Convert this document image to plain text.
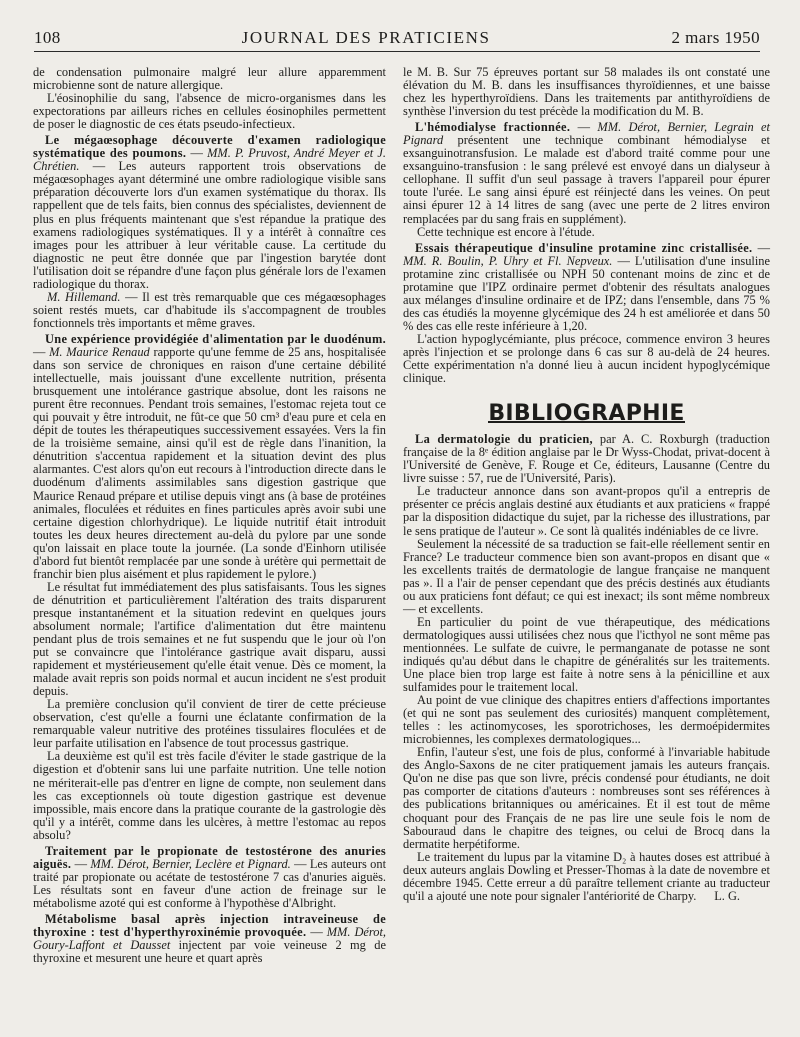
108	JOURNAL DES PRATICIENS	2 mars 1950

de condensation pulmonaire malgré leur allure apparemment microbienne sont de nature allergique.

L'éosinophilie du sang, l'absence de micro-organismes dans les expectorations par ailleurs riches en cellules éosinophiles permettent de poser le diagnostic de ces états pseudo-infectieux.

Le mégaœsophage découverte d'examen radiologique systématique des poumons. — MM. P. Pruvost, André Meyer et J. Chrétien. — Les auteurs rapportent trois observations de mégaœsophages ayant déterminé une ombre radiologique visible sans préparation découverte lors d'un examen systématique du thorax. Ils rappellent que de tels faits, bien connus des spécialistes, deviennent de plus en plus fréquents maintenant que s'est répandue la pratique des examens radiologiques systématiques. Il y a intérêt à connaître ces images pour les attribuer à leur véritable cause. La certitude du diagnostic ne peut être donnée que par l'ingestion barytée dont l'utilisation doit se répandre d'une façon plus générale lors de l'examen radiologique du thorax.

M. Hillemand. — Il est très remarquable que ces mégaœsophages soient restés muets, car d'habitude ils s'accompagnent de troubles fonctionnels très importants et même graves.

Une expérience providégiée d'alimentation par le duodénum. — M. Maurice Renaud rapporte qu'une femme de 25 ans, hospitalisée dans son service de chroniques en raison d'une certaine débilité intellectuelle, mais jouissant d'une excellente nutrition, présenta brusquement une intolérance gastrique absolue, dont les raisons ne purent être reconnues. Pendant trois semaines, l'estomac rejeta tout ce qui pouvait y être introduit, ne fût-ce que 50 cm³ d'eau pure et cela en dépit de toutes les thérapeutiques successivement essayées. Vers la fin de la troisième semaine, ainsi qu'il est de règle dans l'inanition, la dénutrition s'accentua rapidement et la situation devint des plus alarmantes. C'est alors qu'on eut recours à l'introduction directe dans le duodénum d'aliments assimilables sans digestion gastrique que Maurice Renaud prépare et utilise depuis vingt ans (à base de protéines animales, floculées et réduites en fines particules après avoir subi une certaine digestion chlorhydrique). Le liquide nutritif était introduit toutes les deux heures directement au-delà du pylore par une sonde qu'on laissait en place toute la journée. (La sonde d'Einhorn utilisée d'abord fut bientôt remplacée par une sonde à urétère qui permettait de franchir bien plus aisément et plus rapidement le pylore.)

Le résultat fut immédiatement des plus satisfaisants. Tous les signes de dénutrition et particulièrement l'altération des traits disparurent presque instantanément et la situation redevint en quelques jours absolument normale; l'artifice d'alimentation dut être maintenu pendant plus de trois semaines et ne fut suspendu que le jour où l'on put se convaincre que l'intolérance gastrique avait disparu, aussi rapidement et mystérieusement qu'elle était venue. Dès ce moment, la malade avait repris son poids normal et aucun incident ne s'est produit depuis.

La première conclusion qu'il convient de tirer de cette précieuse observation, c'est qu'elle a fourni une éclatante confirmation de la remarquable valeur nutritive des protéines tissulaires floculées et de leur parfaite utilisation en l'absence de tout processus gastrique.

La deuxième est qu'il est très facile d'éviter le stade gastrique de la digestion et d'obtenir sans lui une parfaite nutrition. Une telle notion ne mériterait-elle pas d'entrer en ligne de compte, non seulement dans les cas exceptionnels où toute digestion gastrique est devenue impossible, mais encore dans la pratique courante de la gastrologie dès qu'il y a intérêt, comme dans les ulcères, à mettre l'estomac au repos absolu?

Traitement par le propionate de testostérone des anuries aiguës. — MM. Dérot, Bernier, Leclère et Pignard. — Les auteurs ont traité par propionate ou acétate de testostérone 7 cas d'anuries aiguës. Les résultats sont en faveur d'une action de freinage sur le métabolisme azoté qui est conforme à l'hypothèse d'Albright.

Métabolisme basal après injection intraveineuse de thyroxine : test d'hyperthyroxinémie provoquée. — MM. Dérot, Goury-Laffont et Dausset injectent par voie veineuse 2 mg de thyroxine et mesurent une heure et quart après

le M. B. Sur 75 épreuves portant sur 58 malades ils ont constaté une élévation du M. B. dans les insuffisances thyroïdiennes, et une baisse chez les hyperthyroïdiens. Dans les traitements par antithyroïdiens de synthèse l'inversion du test précède la modification du M. B.

L'hémodialyse fractionnée. — MM. Dérot, Bernier, Legrain et Pignard présentent une technique combinant hémodialyse et exsanguinotransfusion. Le malade est d'abord traité comme pour une exsanguino-transfusion : le sang prélevé est envoyé dans un dialyseur à cellophane. Il suffit d'un seul passage à travers l'appareil pour épurer toute l'urée. Le sang ainsi épuré est réinjecté dans les veines. On peut ainsi épurer 12 à 14 litres de sang (avec une perte de 2 litres environ remplacées par du sang frais en supplément).

Cette technique est encore à l'étude.

Essais thérapeutique d'insuline protamine zinc cristallisée. — MM. R. Boulin, P. Uhry et Fl. Nepveux. — L'utilisation d'une insuline protamine zinc cristallisée ou NPH 50 contenant moins de zinc et de protamine que l'IPZ ordinaire permet d'obtenir des résultats analogues aux mélanges d'insuline ordinaire et de IPZ; dans l'ensemble, dans 75 % des cas étudiés la moyenne glycémique des 24 h est améliorée et dans 50 % des cas elle reste inférieure à 1,20.

L'action hypoglycémiante, plus précoce, commence environ 3 heures après l'injection et se prolonge dans 6 cas sur 8 au-delà de 24 heures. Cette expérimentation n'a donné lieu à aucun incident hypoglycémique clinique.

BIBLIOGRAPHIE

La dermatologie du praticien, par A. C. Roxburgh (traduction française de la 8ᵉ édition anglaise par le Dr Wyss-Chodat, privat-docent à l'Université de Genève, F. Rouge et Ce, éditeurs, Lausanne (Centre du livre suisse : 57, rue de l'Université, Paris).

Le traducteur annonce dans son avant-propos qu'il a entrepris de présenter ce précis anglais destiné aux étudiants et aux praticiens « frappé par la disposition didactique du sujet, par la richesse des illustrations, par le sens pratique de l'auteur ». Ce sont là qualités indéniables de ce livre.

Seulement la nécessité de sa traduction se fait-elle réellement sentir en France? Le traducteur commence bien son avant-propos en disant que « les excellents traités de dermatologie de langue française ne manquent pas ». Il a l'air de penser cependant que des précis destinés aux étudiants ou aux praticiens font défaut; ce qui est inexact; ils sont même nombreux — et excellents.

En particulier du point de vue thérapeutique, des médications dermatologiques aussi utilisées chez nous que l'icthyol ne sont même pas mentionnées. Le sulfate de cuivre, le permanganate de potasse ne sont indiqués qu'au début dans le chapitre de généralités sur les traitements. Une place bien trop large est faite à notre sens à la pénicilline et aux sulfamides pour le traitement local.

Au point de vue clinique des chapitres entiers d'affections importantes (et qui ne sont pas seulement des curiosités) manquent complètement, telles : les actinomycoses, les sporotrichoses, les dermoépidermites microbiennes, les complexes dermatologiques...

Enfin, l'auteur s'est, une fois de plus, conformé à l'invariable habitude des Anglo-Saxons de ne citer pratiquement jamais les auteurs français. Qu'on ne dise pas que son livre, précis condensé pour étudiants, ne doit pas comporter de citations d'auteurs : nombreuses sont ses références à des publications britanniques ou américaines. Et il est tout de même choquant pour des Français de ne pas lire une seule fois le nom de Sabouraud dans le chapitre des teignes, ou celui de Brocq dans la dermatite herpétiforme.

Le traitement du lupus par la vitamine D₂ à hautes doses est attribué à deux auteurs anglais Dowling et Presser-Thomas à la date de novembre et décembre 1945. Cette erreur a dû paraître tellement criante au traducteur qu'il a ajouté une note pour signaler l'antériorité de Charpy.	L. G.
